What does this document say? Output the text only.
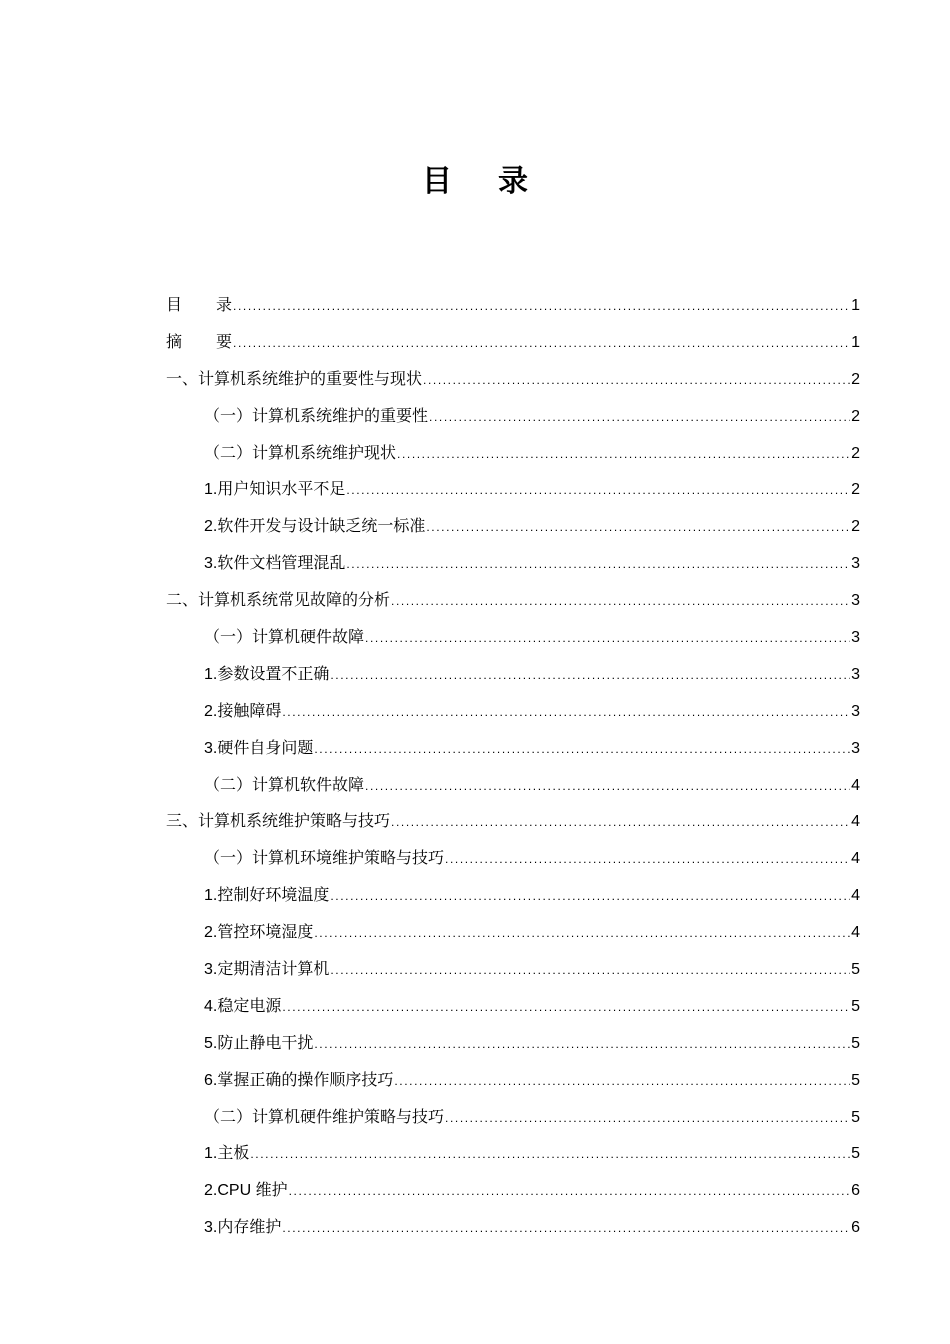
目 录
目 录 .....	1
摘 要 .....	1
一、计算机系统维护的重要性与现状 .....	2
（一）计算机系统维护的重要性 .....	2
（二）计算机系统维护现状 .....	2
1.用户知识水平不足 .....	2
2.软件开发与设计缺乏统一标准 .....	2
3.软件文档管理混乱 .....	3
二、计算机系统常见故障的分析 .....	3
（一）计算机硬件故障 .....	3
1.参数设置不正确 .....	3
2.接触障碍 .....	3
3.硬件自身问题 .....	3
（二）计算机软件故障 .....	4
三、计算机系统维护策略与技巧 .....	4
（一）计算机环境维护策略与技巧 .....	4
1.控制好环境温度 .....	4
2.管控环境湿度 .....	4
3.定期清洁计算机 .....	5
4.稳定电源 .....	5
5.防止静电干扰 .....	5
6.掌握正确的操作顺序技巧 .....	5
（二）计算机硬件维护策略与技巧 .....	5
1.主板 .....	5
2.CPU 维护 .....	6
3.内存维护 .....	6
